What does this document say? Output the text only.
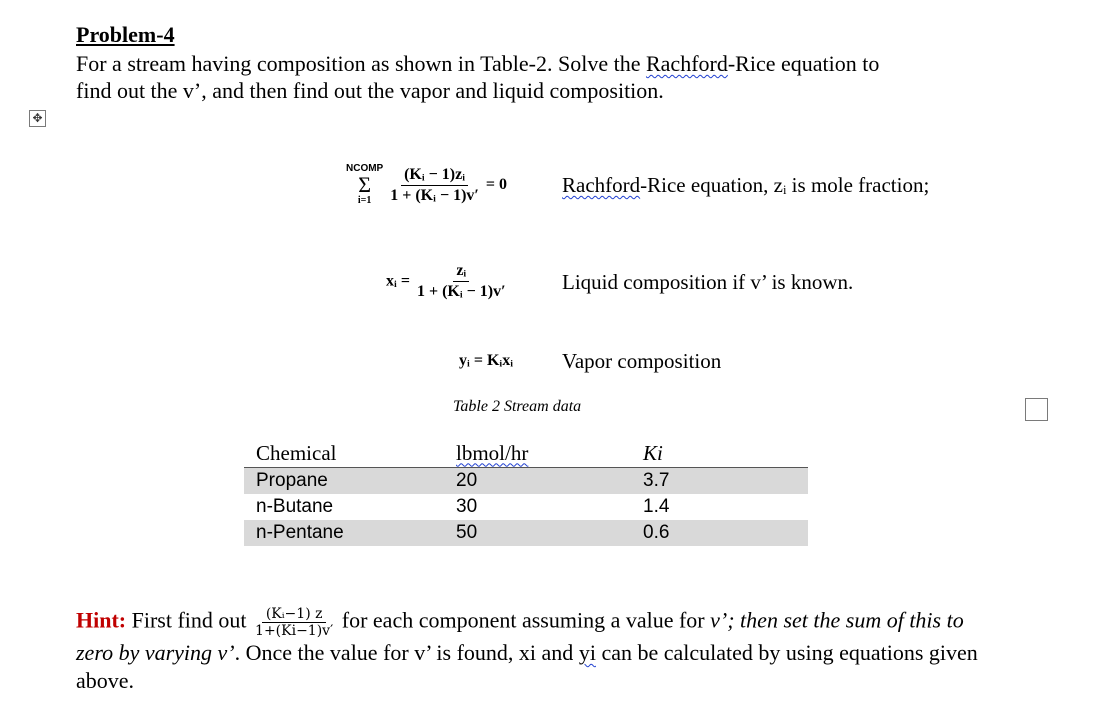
Problem-4
For a stream having composition as shown in Table-2. Solve the Rachford-Rice equation to
find out the v’, and then find out the vapor and liquid composition.
✥
NCOMP
Σ
i=1
$\frac{\text{(Kᵢ − 1)zᵢ}}{\text{1 + (Kᵢ − 1)v′}} = 0$	Rachford-Rice equation, zᵢ is mole fraction;
xᵢ = $\frac{\text{zᵢ}}{\text{1 + (Kᵢ − 1)v′}}$	Liquid composition if v’ is known.
yᵢ = Kᵢxᵢ Vapor composition
Table 2 Stream data
Chemical	lbmol/hr	Ki
Propane	20	3.7
n-Butane	30	1.4
n-Pentane	50	0.6
Hint: First find out $\frac{\text{(Kᵢ−1) z}}{1+(Ki-1)v'}$ for each component assuming a value for v’; then set the sum of this to zero by varying v’. Once the value for v’ is found, xi and yi can be calculated by using equations given above.
